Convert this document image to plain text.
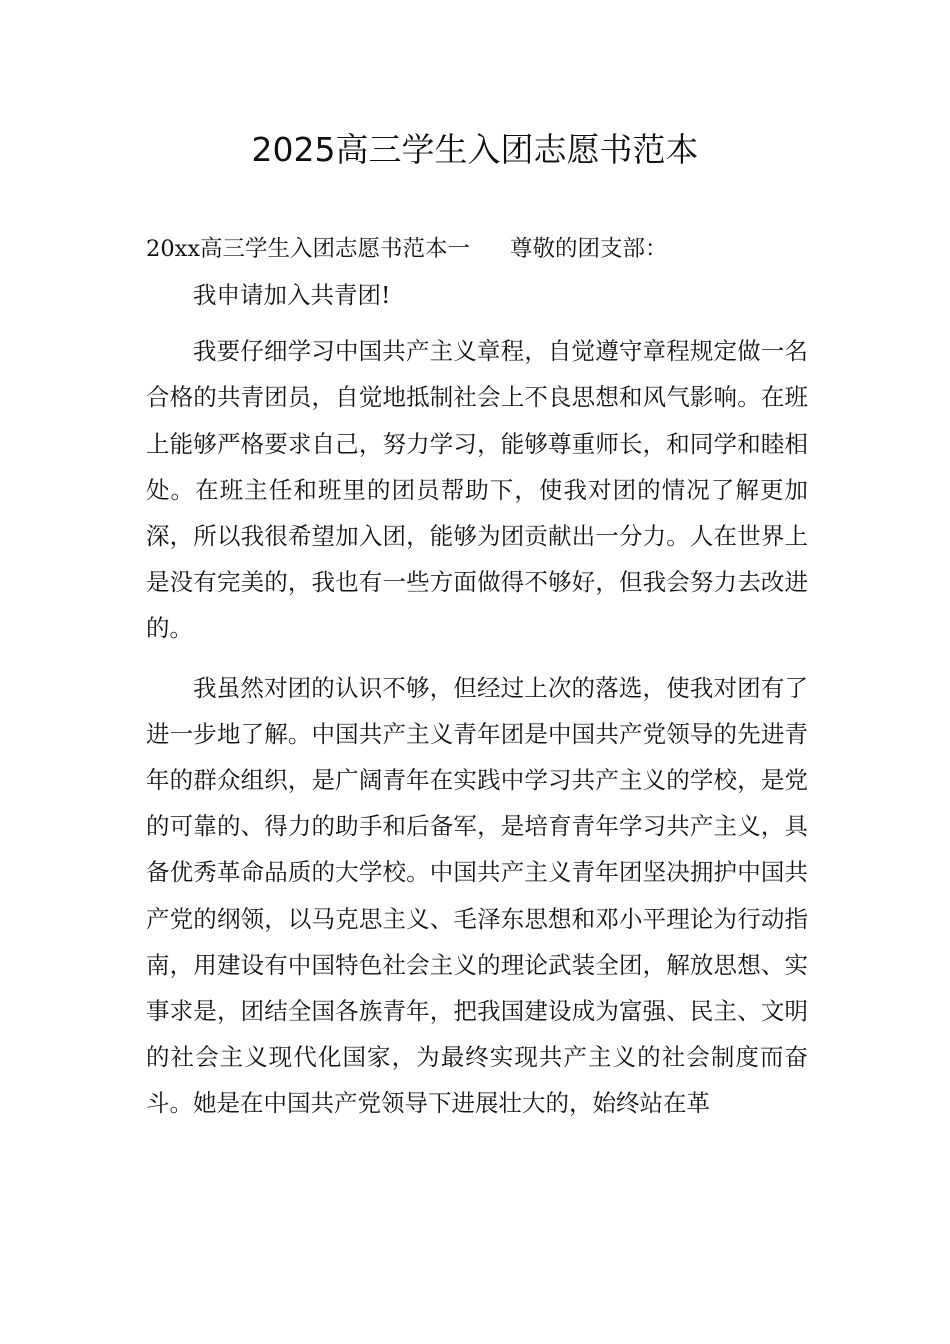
2025高三学生入团志愿书范本
20xx高三学生入团志愿书范本一 尊敬的团支部：

我申请加入共青团!

我要仔细学习中国共产主义章程，自觉遵守章程规定做一名合格的共青团员，自觉地抵制社会上不良思想和风气影响。在班上能够严格要求自己，努力学习，能够尊重师长，和同学和睦相处。在班主任和班里的团员帮助下，使我对团的情况了解更加深，所以我很希望加入团，能够为团贡献出一分力。人在世界上是没有完美的，我也有一些方面做得不够好，但我会努力去改进的。

我虽然对团的认识不够，但经过上次的落选，使我对团有了进一步地了解。中国共产主义青年团是中国共产党领导的先进青年的群众组织，是广阔青年在实践中学习共产主义的学校，是党的可靠的、得力的助手和后备军，是培育青年学习共产主义，具备优秀革命品质的大学校。中国共产主义青年团坚决拥护中国共产党的纲领，以马克思主义、毛泽东思想和邓小平理论为行动指南，用建设有中国特色社会主义的理论武装全团，解放思想、实事求是，团结全国各族青年，把我国建设成为富强、民主、文明的社会主义现代化国家，为最终实现共产主义的社会制度而奋斗。她是在中国共产党领导下进展壮大的，始终站在革
